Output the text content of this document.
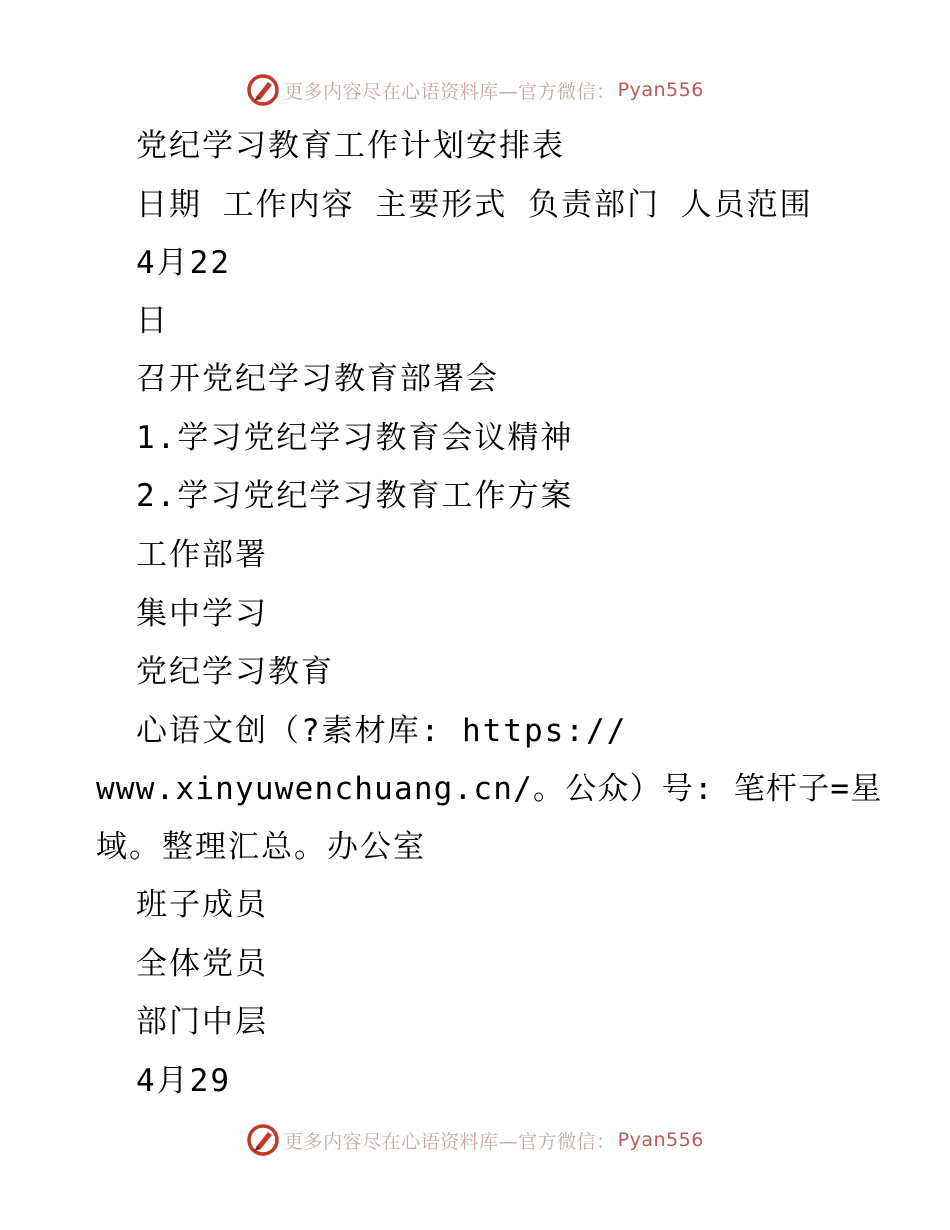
更多内容尽在心语资料库—官方微信： Pyan556
党纪学习教育工作计划安排表
日期 工作内容 主要形式 负责部门 人员范围
4月22
日
召开党纪学习教育部署会
1.学习党纪学习教育会议精神
2.学习党纪学习教育工作方案
工作部署
集中学习
党纪学习教育
心语文创（?素材库: https://
www.xinyuwenchuang.cn/。公众）号: 笔杆子=星
域。整理汇总。办公室
班子成员
全体党员
部门中层
4月29
更多内容尽在心语资料库—官方微信： Pyan556
